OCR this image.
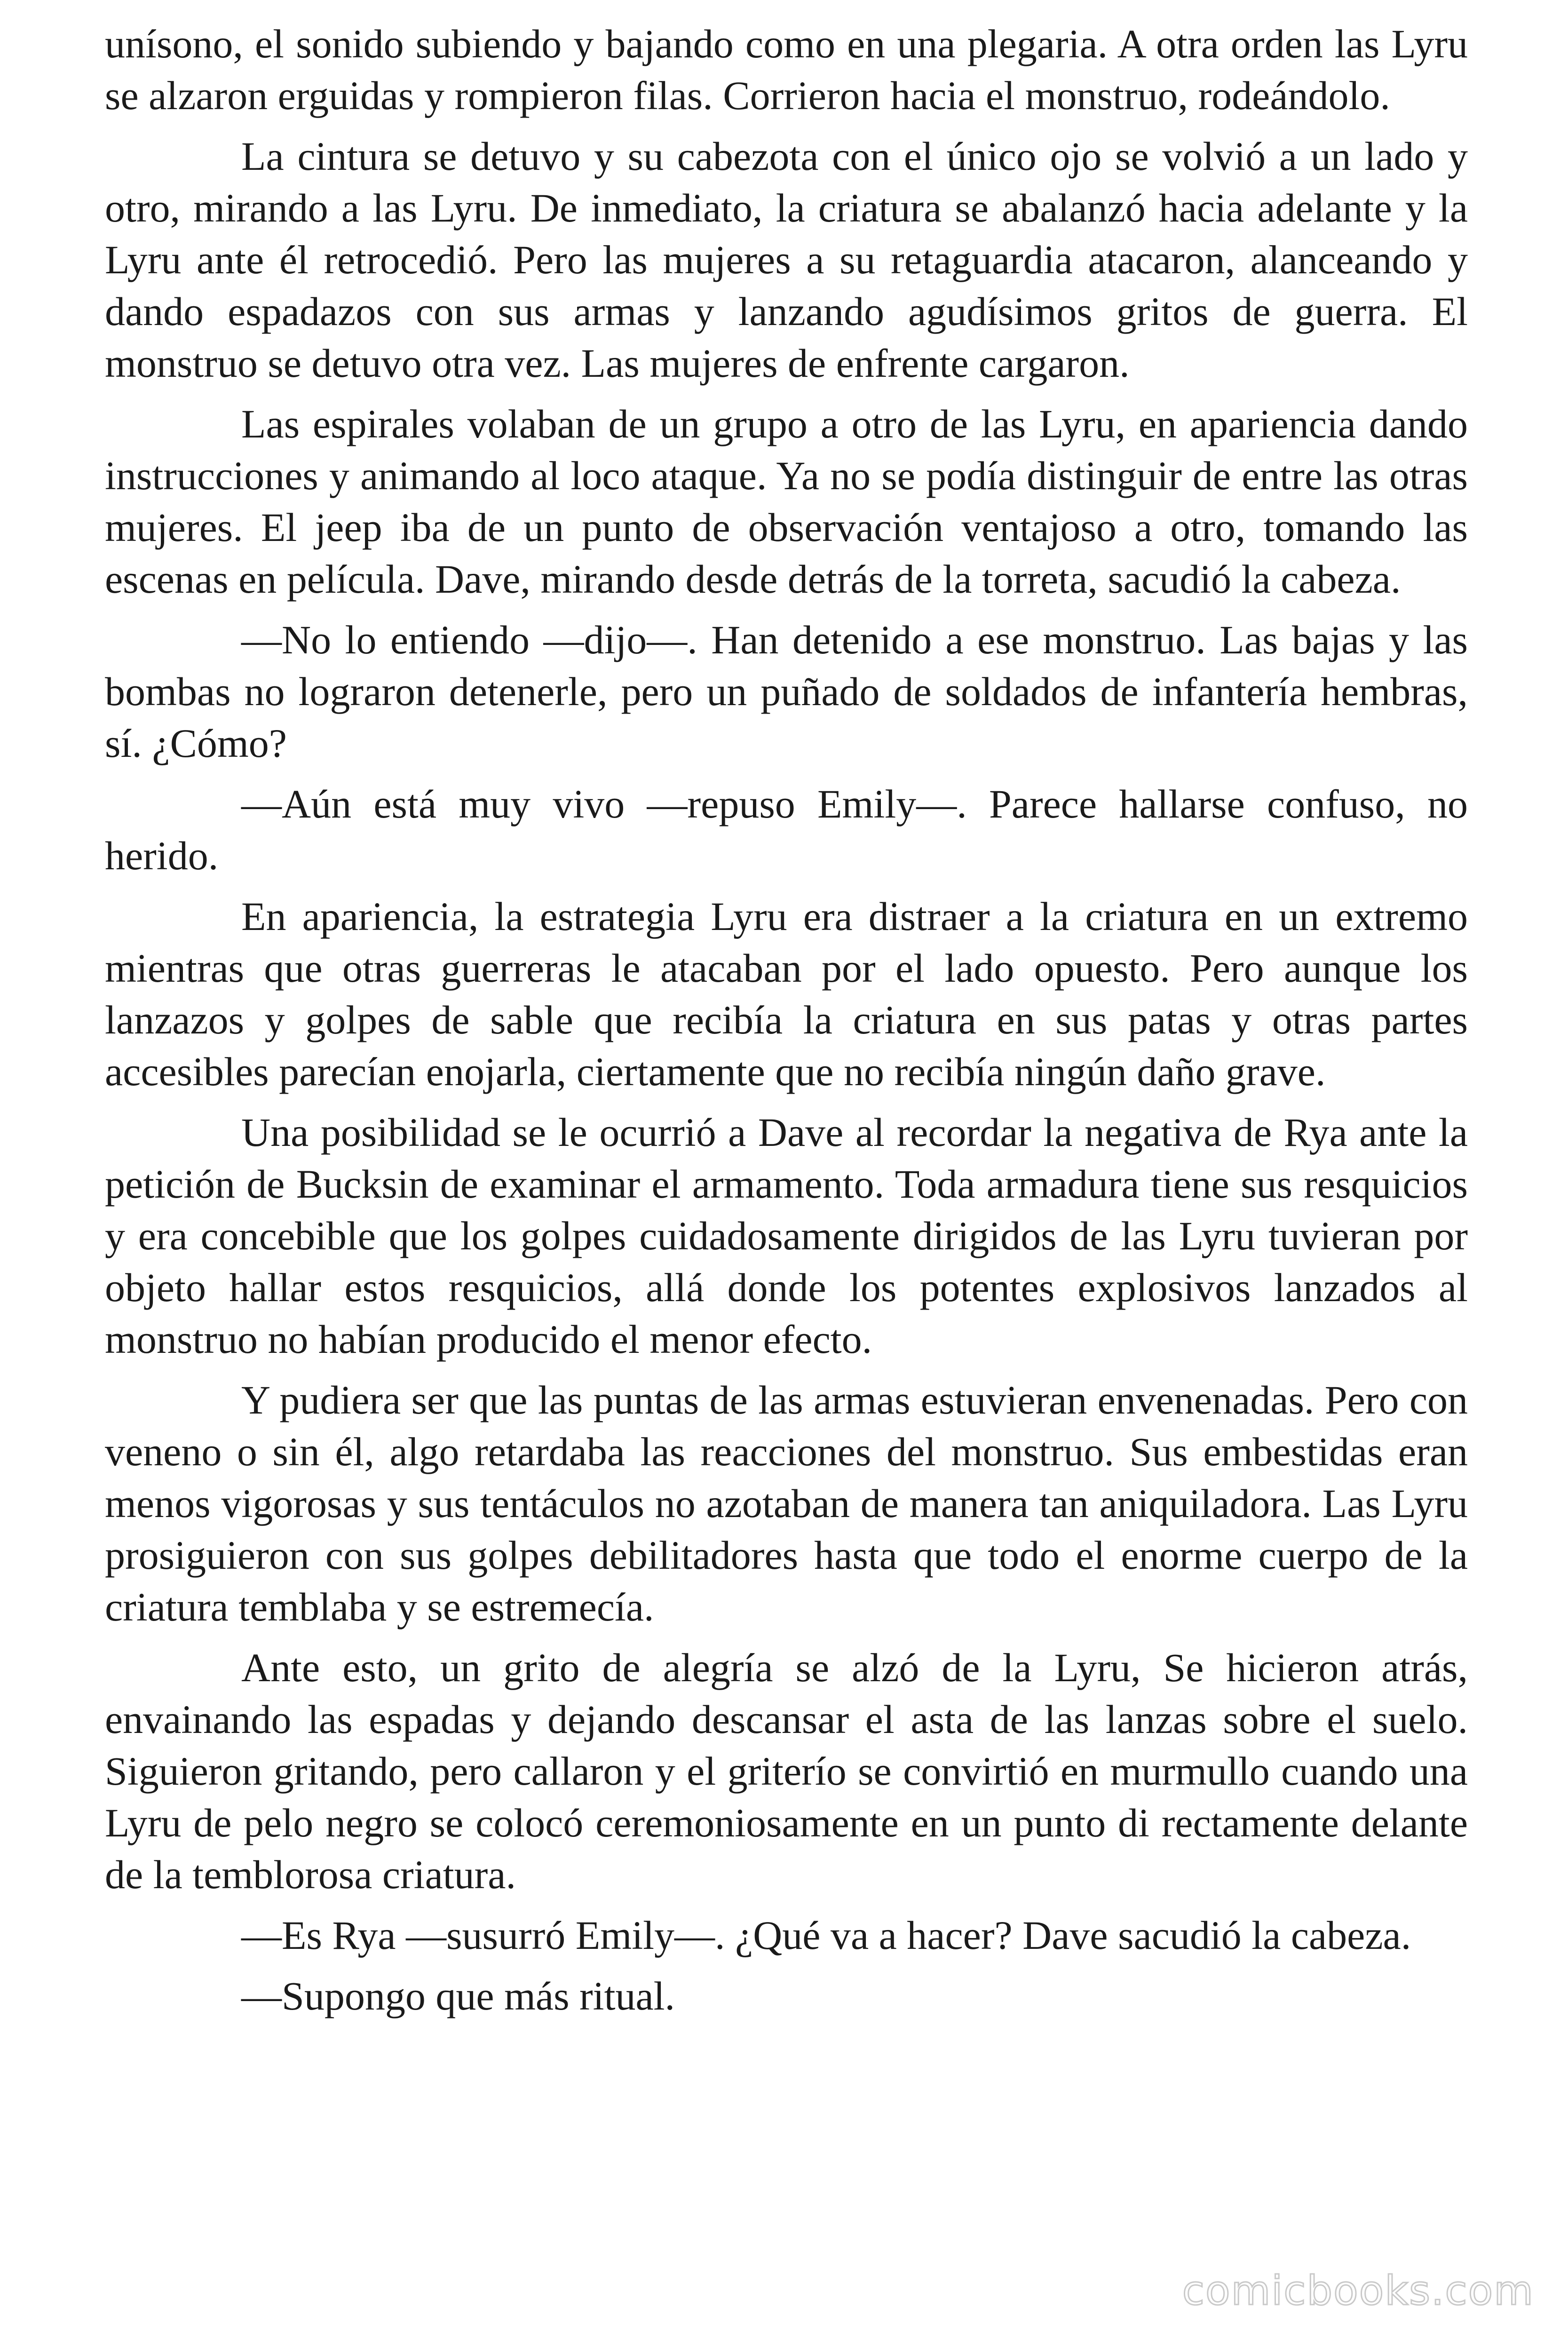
unísono, el sonido subiendo y bajando como en una plegaria. A otra orden las Lyru se alzaron erguidas y rompieron filas. Corrieron hacia el monstruo, rodeándolo.

La cintura se detuvo y su cabezota con el único ojo se volvió a un lado y otro, mirando a las Lyru. De inmediato, la criatura se abalanzó hacia adelante y la Lyru ante él retrocedió. Pero las mujeres a su retaguardia atacaron, alanceando y dando espadazos con sus armas y lanzando agudísimos gritos de guerra. El monstruo se detuvo otra vez. Las mujeres de enfrente cargaron.

Las espirales volaban de un grupo a otro de las Lyru, en apariencia dando instrucciones y animando al loco ataque. Ya no se podía distinguir de entre las otras mujeres. El jeep iba de un punto de observación ventajoso a otro, tomando las escenas en película. Dave, mirando desde detrás de la torreta, sacudió la cabeza.

—No lo entiendo —dijo—. Han detenido a ese monstruo. Las bajas y las bombas no lograron detenerle, pero un puñado de soldados de infantería hembras, sí. ¿Cómo?

—Aún está muy vivo —repuso Emily—. Parece hallarse confuso, no herido.

En apariencia, la estrategia Lyru era distraer a la criatura en un extremo mientras que otras guerreras le atacaban por el lado opuesto. Pero aunque los lanzazos y golpes de sable que recibía la criatura en sus patas y otras partes accesibles parecían enojarla, ciertamente que no recibía ningún daño grave.

Una posibilidad se le ocurrió a Dave al recordar la negativa de Rya ante la petición de Bucksin de examinar el armamento. Toda armadura tiene sus resquicios y era concebible que los golpes cuidadosamente dirigidos de las Lyru tuvieran por objeto hallar estos resquicios, allá donde los potentes explosivos lanzados al monstruo no habían producido el menor efecto.

Y pudiera ser que las puntas de las armas estuvieran envenenadas. Pero con veneno o sin él, algo retardaba las reacciones del monstruo. Sus embestidas eran menos vigorosas y sus tentáculos no azotaban de manera tan aniquiladora. Las Lyru prosiguieron con sus golpes debilitadores hasta que todo el enorme cuerpo de la criatura temblaba y se estremecía.

Ante esto, un grito de alegría se alzó de la Lyru, Se hicieron atrás, envainando las espadas y dejando descansar el asta de las lanzas sobre el suelo. Siguieron gritando, pero callaron y el griterío se convirtió en murmullo cuando una Lyru de pelo negro se colocó ceremoniosamente en un punto di rectamente delante de la temblorosa criatura.

—Es Rya —susurró Emily—. ¿Qué va a hacer? Dave sacudió la cabeza.

—Supongo que más ritual.

comicbooks.com
